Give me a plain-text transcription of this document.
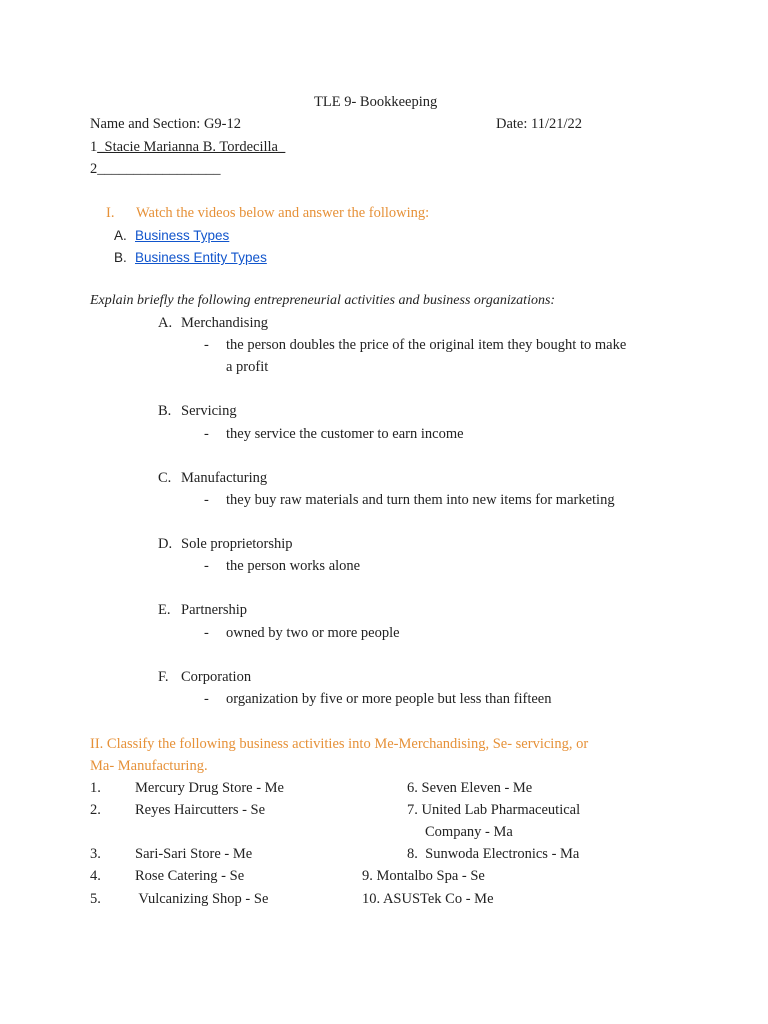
TLE 9- Bookkeeping
Name and Section: G9-12	Date: 11/21/22
1_Stacie Marianna B. Tordecilla_
2_________________
I. Watch the videos below and answer the following:
A. Business Types
B. Business Entity Types
Explain briefly the following entrepreneurial activities and business organizations:
A. Merchandising
- the person doubles the price of the original item they bought to make
a profit
B. Servicing
- they service the customer to earn income
C. Manufacturing
- they buy raw materials and turn them into new items for marketing
D. Sole proprietorship
- the person works alone
E. Partnership
- owned by two or more people
F. Corporation
- organization by five or more people but less than fifteen
II. Classify the following business activities into Me-Merchandising, Se- servicing, or
Ma- Manufacturing.
1. Mercury Drug Store - Me
2. Reyes Haircutters - Se
3. Sari-Sari Store - Me
4. Rose Catering - Se
5. Vulcanizing Shop - Se
6. Seven Eleven - Me
7. United Lab Pharmaceutical
Company - Ma
8.  Sunwoda Electronics - Ma
9. Montalbo Spa - Se
10. ASUSTek Co - Me
